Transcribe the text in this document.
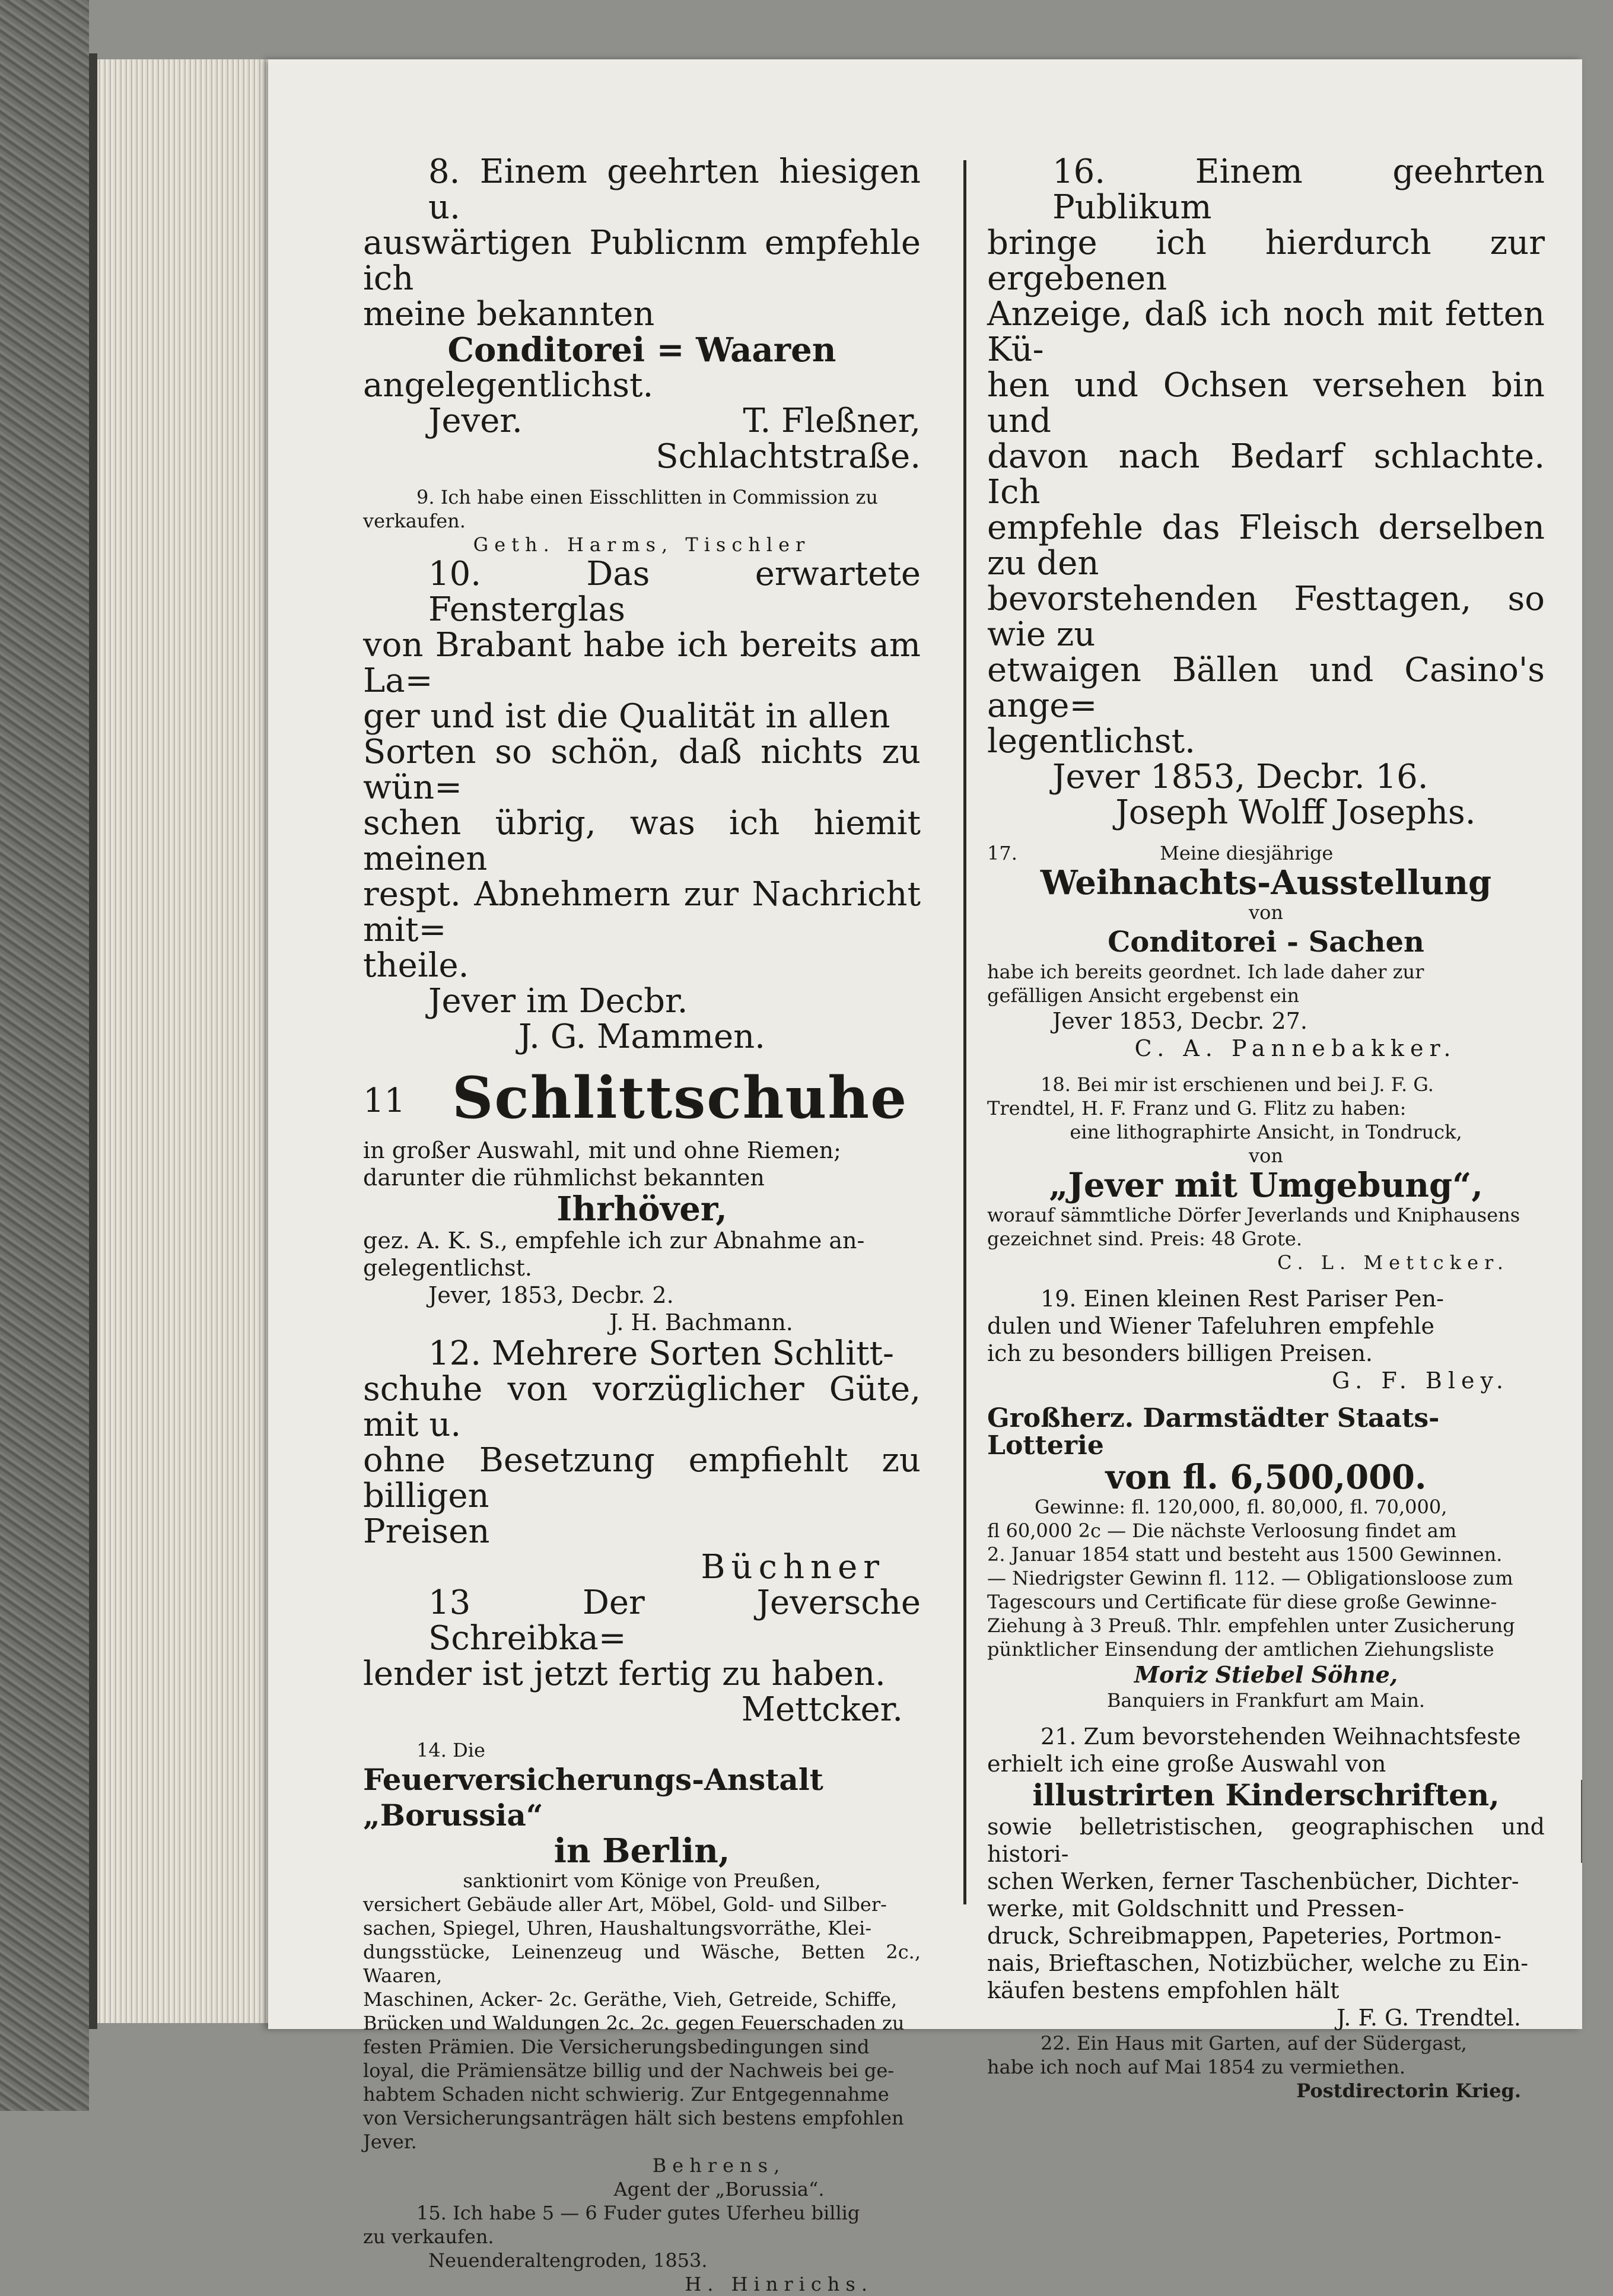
8. Einem geehrten hiesigen u.

auswärtigen Publicnm empfehle ich

meine bekannten

Conditorei = Waaren

angelegentlichst.

Jever.	T. Fleßner,

Schlachtstraße.

9. Ich habe einen Eisschlitten in Commission zu

verkaufen.

Geth. Harms, Tischler

10. Das erwartete Fensterglas

von Brabant habe ich bereits am La=

ger und ist die Qualität in allen

Sorten so schön, daß nichts zu wün=

schen übrig, was ich hiemit meinen

respt. Abnehmern zur Nachricht mit=

theile.

Jever im Decbr.

J. G. Mammen.

11 Schlittschuhe

in großer Auswahl, mit und ohne Riemen;

darunter die rühmlichst bekannten

Ihrhöver,

gez. A. K. S., empfehle ich zur Abnahme an-

gelegentlichst.

Jever, 1853, Decbr. 2.

J. H. Bachmann.

12. Mehrere Sorten Schlitt-

schuhe von vorzüglicher Güte, mit u.

ohne Besetzung empfiehlt zu billigen

Preisen

Büchner

13 Der Jeversche Schreibka=

lender ist jetzt fertig zu haben.

Mettcker.

14. Die

Feuerversicherungs-Anstalt „Borussia“

in Berlin,

sanktionirt vom Könige von Preußen,

versichert Gebäude aller Art, Möbel, Gold- und Silber-

sachen, Spiegel, Uhren, Haushaltungsvorräthe, Klei-

dungsstücke, Leinenzeug und Wäsche, Betten 2c., Waaren,

Maschinen, Acker- 2c. Geräthe, Vieh, Getreide, Schiffe,

Brücken und Waldungen 2c. 2c. gegen Feuerschaden zu

festen Prämien. Die Versicherungsbedingungen sind

loyal, die Prämiensätze billig und der Nachweis bei ge-

habtem Schaden nicht schwierig. Zur Entgegennahme

von Versicherungsanträgen hält sich bestens empfohlen

Jever.

Behrens,

Agent der „Borussia“.

15. Ich habe 5 — 6 Fuder gutes Uferheu billig

zu verkaufen.

Neuenderaltengroden, 1853.

H. Hinrichs.

16. Einem geehrten Publikum

bringe ich hierdurch zur ergebenen

Anzeige, daß ich noch mit fetten Kü-

hen und Ochsen versehen bin und

davon nach Bedarf schlachte. Ich

empfehle das Fleisch derselben zu den

bevorstehenden Festtagen, so wie zu

etwaigen Bällen und Casino's ange=

legentlichst.

Jever 1853, Decbr. 16.

Joseph Wolff Josephs.

17.	Meine diesjährige

Weihnachts-Ausstellung

von

Conditorei - Sachen

habe ich bereits geordnet. Ich lade daher zur

gefälligen Ansicht ergebenst ein

Jever 1853, Decbr. 27.

C. A. Pannebakker.

18. Bei mir ist erschienen und bei J. F. G.

Trendtel, H. F. Franz und G. Flitz zu haben:

eine lithographirte Ansicht, in Tondruck,

von

„Jever mit Umgebung“,

worauf sämmtliche Dörfer Jeverlands und Kniphausens

gezeichnet sind. Preis: 48 Grote.

C. L. Mettcker.

19. Einen kleinen Rest Pariser Pen-

dulen und Wiener Tafeluhren empfehle

ich zu besonders billigen Preisen.

G. F. Bley.

Großherz. Darmstädter Staats-Lotterie

von fl. 6,500,000.

Gewinne: fl. 120,000, fl. 80,000, fl. 70,000,

fl 60,000 2c — Die nächste Verloosung findet am

2. Januar 1854 statt und besteht aus 1500 Gewinnen.

— Niedrigster Gewinn fl. 112. — Obligationsloose zum

Tagescours und Certificate für diese große Gewinne-

Ziehung à 3 Preuß. Thlr. empfehlen unter Zusicherung

pünktlicher Einsendung der amtlichen Ziehungsliste

Moriz Stiebel Söhne,

Banquiers in Frankfurt am Main.

21. Zum bevorstehenden Weihnachtsfeste

erhielt ich eine große Auswahl von

illustrirten Kinderschriften,

sowie belletristischen, geographischen und histori-

schen Werken, ferner Taschenbücher, Dichter-

werke, mit Goldschnitt und Pressen-

druck, Schreibmappen, Papeteries, Portmon-

nais, Brieftaschen, Notizbücher, welche zu Ein-

käufen bestens empfohlen hält

J. F. G. Trendtel.

22. Ein Haus mit Garten, auf der Südergast,

habe ich noch auf Mai 1854 zu vermiethen.

Postdirectorin Krieg.
